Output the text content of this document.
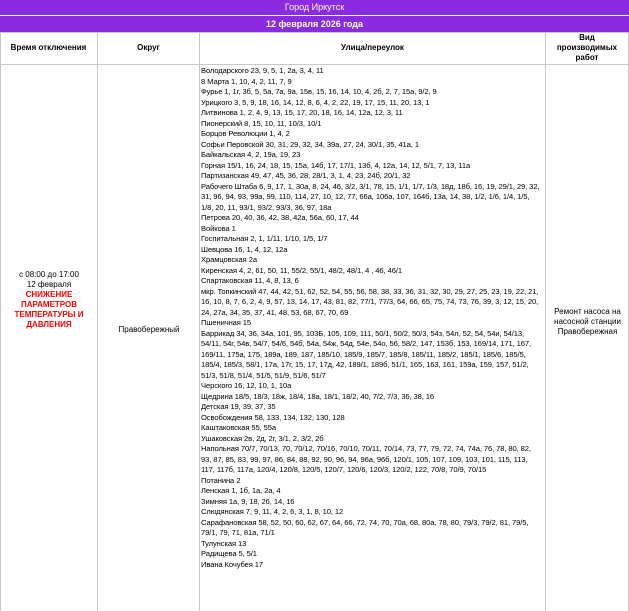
Город Иркутск
12 февраля 2026 года
Время отключения	Округ	Улица/переулок
Вид производимых работ
с 08:00 до 17:00
12 февраля
СНИЖЕНИЕ ПАРАМЕТРОВ ТЕМПЕРАТУРЫ И ДАВЛЕНИЯ
Правобережный
Володарского 23, 9, 5, 1, 2а, 3, 4, 11
8 Марта 1, 10, 4, 2, 11, 7, 9
Фурье 1, 1г, 3б, 5, 5а, 7а, 9а, 15в, 15, 16, 14, 10, 4, 2б, 2, 7, 15а, 9/2, 9
Урицкого 3, 5, 9, 18, 16, 14, 12, 8, 6, 4, 2, 22, 19, 17, 15, 11, 20, 13, 1
Литвинова 1, 2, 4, 9, 13, 15, 17, 20, 18, 16, 14, 12а, 12, 3, 11
Пионерский 8, 15, 10, 11, 10/3, 10/1
Борцов Революции 1, 4, 2
Софьи Перовской 30, 31, 29, 32, 34, 39а, 27, 24, 30/1, 35, 41а, 1
Байкальская 4, 2, 19а, 19, 23
Горная 15/1, 16, 24, 18, 15, 15а, 14б, 17, 17/1, 13б, 4, 12а, 14, 12, 5/1, 7, 13, 11а
Партизанская 49, 47, 45, 36, 28, 28/1, 3, 1, 4, 23, 24б, 20/1, 32
Рабочего Штаба 6, 9, 17, 1, 30а, 8, 24, 46, 3/2, 3/1, 78, 15, 1/1, 1/7, 1/3, 18д, 18б, 16, 19, 29/1, 29, 32, 31, 96, 94, 93, 99а, 99, 110, 114, 27, 10, 12, 77, 66а, 106а, 107, 164б, 13а, 14, 38, 1/2, 1/6, 1/4, 1/5, 1/8, 20, 11, 93/1, 93/2, 93/3, 36, 97, 18а
Петрова 20, 40, 36, 42, 38, 42а, 56а, 60, 17, 44
Войкова 1
Госпитальная 2, 1, 1/11, 1/10, 1/5, 1/7
Шевцова 16, 1, 4, 12, 12а
Храмцовская 2а
Киренская 4, 2, 61, 50, 11, 55/2, 55/1, 48/2, 48/1, 4 , 46, 46/1
Спартаковская 11, 4, 8, 13, 6
мкр. Топкинский 47, 44, 42, 51, 62, 52, 54, 55, 56, 58, 38, 33, 36, 31, 32, 30, 29, 27, 25, 23, 19, 22, 21, 16, 10, 8, 7, 6, 2, 4, 9, 57, 13, 14, 17, 43, 81, 82, 77/1, 77/3, 64, 66, 65, 75, 74, 73, 76, 39, 3, 12, 15, 20, 24, 27а, 34, 35, 37, 41, 48, 53, 68, 67, 70, 69
Пшеничная 15
Баррикад 34, 36, 34а, 101, 95, 103Б, 105, 109, 111, 50/1, 50/2, 50/3, 54з, 54л, 52, 54, 54и, 54/13, 54/11, 54г, 54в, 54/7, 54/6, 54б, 54а, 54ж, 54д, 54е, 54о, 56, 58/2, 147, 153б, 153, 169/14, 171, 167, 169/11, 175а, 175, 189а, 189, 187, 185/10, 185/9, 185/7, 185/8, 185/11, 185/2, 185/1, 185/6, 185/5, 185/4, 185/3, 58/1, 17а, 17г, 15, 17, 17д, 42, 189/1, 189б, 51/1, 165, 163, 161, 159а, 159, 157, 51/2, 51/3, 51/8, 51/4, 51/5, 51/9, 51/6, 51/7
Черского 16, 12, 10, 1, 10а
Щедрина 18/5, 18/3, 18ж, 18/4, 18а, 18/1, 18/2, 40, 7/2, 7/3, 36, 38, 16
Детская 19, 39, 37, 35
Освобождения 58, 133, 134, 132, 130, 128
Каштаковская 55, 55а
Ушаковская 2в, 2д, 2г, 3/1, 2, 3/2, 2б
Напольная 70/7, 70/13, 70, 70/12, 70/16, 70/10, 70/11, 70/14, 73, 77, 79, 72, 74, 74а, 76, 78, 80, 82, 93, 87, 85, 83, 99, 97, 86, 84, 88, 92, 90, 96, 94, 96а, 96б, 120/1, 105, 107, 109, 103, 101, 115, 113, 117, 117б, 117а, 120/4, 120/8, 120/5, 120/7, 120/6, 120/3, 120/2, 122, 70/8, 70/9, 70/15
Потанина 2
Ленская 1, 1б, 1а, 2а, 4
Зимняя 1а, 9, 18, 26, 14, 16
Слюдянская 7, 9, 11, 4, 2, 6, 3, 1, 8, 10, 12
Сарафановская 58, 52, 50, 60, 62, 67, 64, 66, 72, 74, 70, 70а, 68, 80а, 78, 80, 79/3, 79/2, 81, 79/5, 79/1, 79, 71, 81а, 71/1
Тулунская 13
Радищева 5, 5/1
Ивана Кочубея 17
Ремонт насоса на насосной станции Правобережная
